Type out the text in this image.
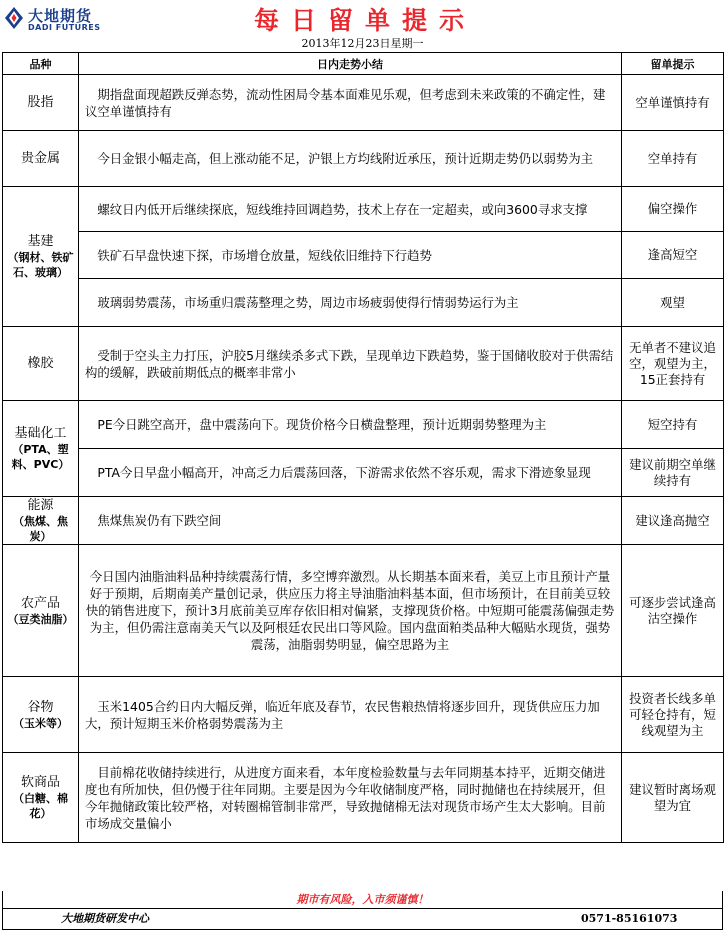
大地期货
DADI FUTURES	每日留单提示
2013年12月23日星期一
品种	日内走势小结	留单提示
股指	期指盘面现超跌反弹态势，流动性困局令基本面难见乐观，但考虑到未来政策的不确定性，建议空单谨慎持有	空单谨慎持有
贵金属	今日金银小幅走高，但上涨动能不足，沪银上方均线附近承压，预计近期走势仍以弱势为主	空单持有
基建
（钢材、铁矿石、玻璃）	螺纹日内低开后继续探底，短线维持回调趋势，技术上存在一定超卖，或向3600寻求支撑	偏空操作
	铁矿石早盘快速下探，市场增仓放量，短线依旧维持下行趋势	逢高短空
	玻璃弱势震荡，市场重归震荡整理之势，周边市场疲弱使得行情弱势运行为主	观望
橡胶	受制于空头主力打压，沪胶5月继续杀多式下跌，呈现单边下跌趋势，鉴于国储收胶对于供需结构的缓解，跌破前期低点的概率非常小	无单者不建议追空，观望为主，15正套持有
基础化工
（PTA、塑料、PVC）	PE今日跳空高开，盘中震荡向下。现货价格今日横盘整理，预计近期弱势整理为主	短空持有
	PTA今日早盘小幅高开，冲高乏力后震荡回落，下游需求依然不容乐观，需求下滑迹象显现	建议前期空单继续持有
能源
（焦煤、焦炭）	焦煤焦炭仍有下跌空间	建议逢高抛空
农产品
（豆类油脂）	今日国内油脂油料品种持续震荡行情，多空博弈激烈。从长期基本面来看，美豆上市且预计产量好于预期，后期南美产量创记录，供应压力将主导油脂油料基本面，但市场预计，在目前美豆较快的销售进度下，预计3月底前美豆库存依旧相对偏紧，支撑现货价格。中短期可能震荡偏强走势为主，但仍需注意南美天气以及阿根廷农民出口等风险。国内盘面粕类品种大幅贴水现货，强势震荡，油脂弱势明显，偏空思路为主	可逐步尝试逢高沽空操作
谷物
（玉米等）	玉米1405合约日内大幅反弹，临近年底及春节，农民售粮热情将逐步回升，现货供应压力加大，预计短期玉米价格弱势震荡为主	投资者长线多单可轻仓持有，短线观望为主
软商品
（白糖、棉花）	目前棉花收储持续进行，从进度方面来看，本年度检验数量与去年同期基本持平，近期交储进度也有所加快，但仍慢于往年同期。主要是因为今年收储制度严格，同时抛储也在持续展开，但今年抛储政策比较严格，对转圈棉管制非常严，导致抛储棉无法对现货市场产生太大影响。目前市场成交量偏小	建议暂时离场观望为宜
期市有风险，入市须谨慎！
大地期货研发中心	0571-85161073
